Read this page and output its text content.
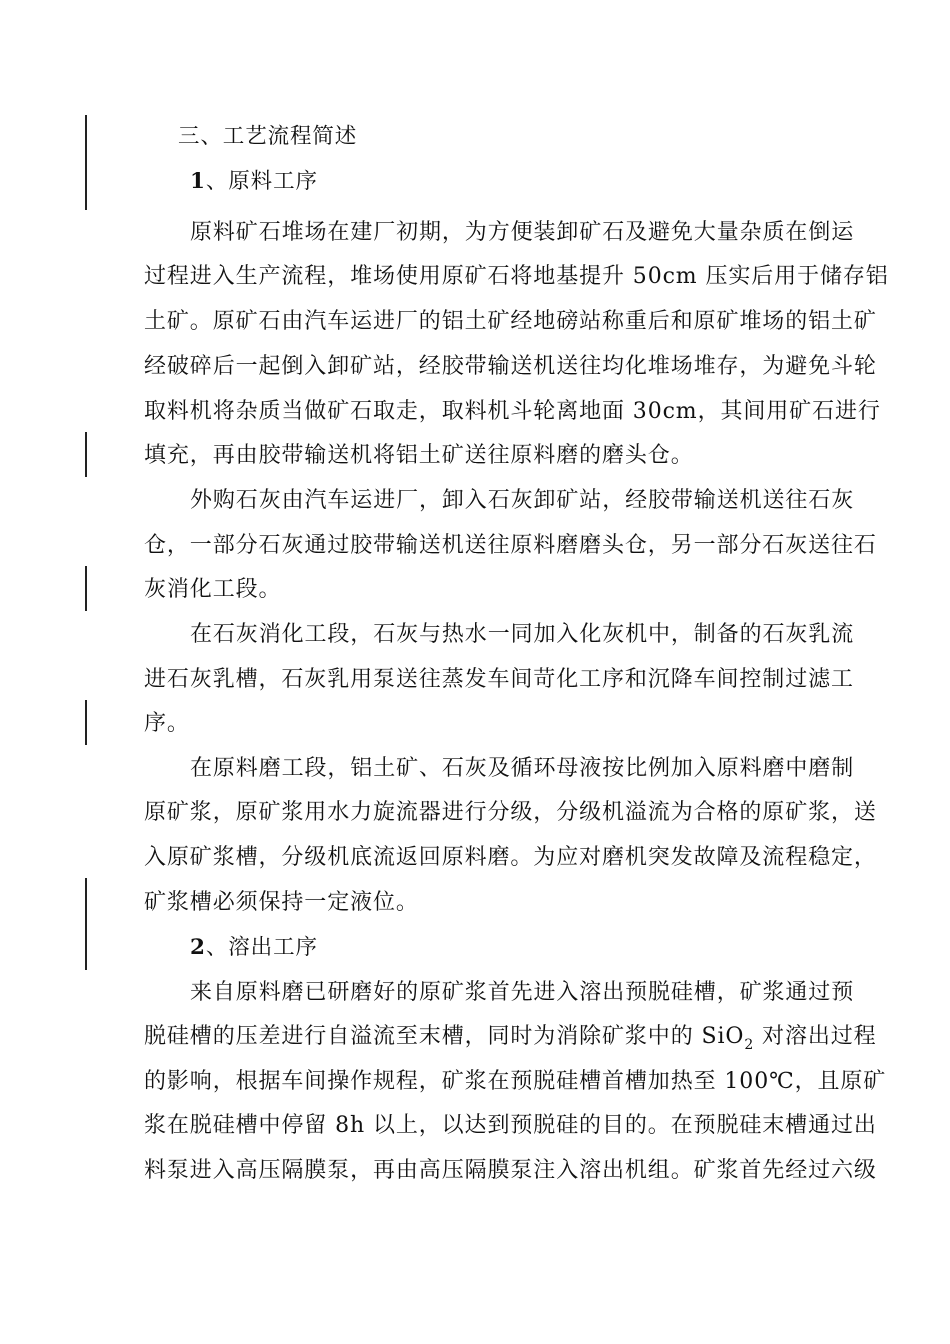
三、工艺流程简述
1、原料工序
原料矿石堆场在建厂初期，为方便装卸矿石及避免大量杂质在倒运
过程进入生产流程，堆场使用原矿石将地基提升 50cm 压实后用于储存铝
土矿。原矿石由汽车运进厂的铝土矿经地磅站称重后和原矿堆场的铝土矿
经破碎后一起倒入卸矿站，经胶带输送机送往均化堆场堆存，为避免斗轮
取料机将杂质当做矿石取走，取料机斗轮离地面 30cm，其间用矿石进行
填充，再由胶带输送机将铝土矿送往原料磨的磨头仓。
外购石灰由汽车运进厂，卸入石灰卸矿站，经胶带输送机送往石灰
仓，一部分石灰通过胶带输送机送往原料磨磨头仓，另一部分石灰送往石
灰消化工段。
在石灰消化工段，石灰与热水一同加入化灰机中，制备的石灰乳流
进石灰乳槽，石灰乳用泵送往蒸发车间苛化工序和沉降车间控制过滤工
序。
在原料磨工段，铝土矿、石灰及循环母液按比例加入原料磨中磨制
原矿浆，原矿浆用水力旋流器进行分级，分级机溢流为合格的原矿浆，送
入原矿浆槽，分级机底流返回原料磨。为应对磨机突发故障及流程稳定，
矿浆槽必须保持一定液位。
2、溶出工序
来自原料磨已研磨好的原矿浆首先进入溶出预脱硅槽，矿浆通过预
脱硅槽的压差进行自溢流至末槽，同时为消除矿浆中的 SiO$_2$ 对溶出过程
的影响，根据车间操作规程，矿浆在预脱硅槽首槽加热至 100℃，且原矿
浆在脱硅槽中停留 8h 以上，以达到预脱硅的目的。在预脱硅末槽通过出
料泵进入高压隔膜泵，再由高压隔膜泵注入溶出机组。矿浆首先经过六级
